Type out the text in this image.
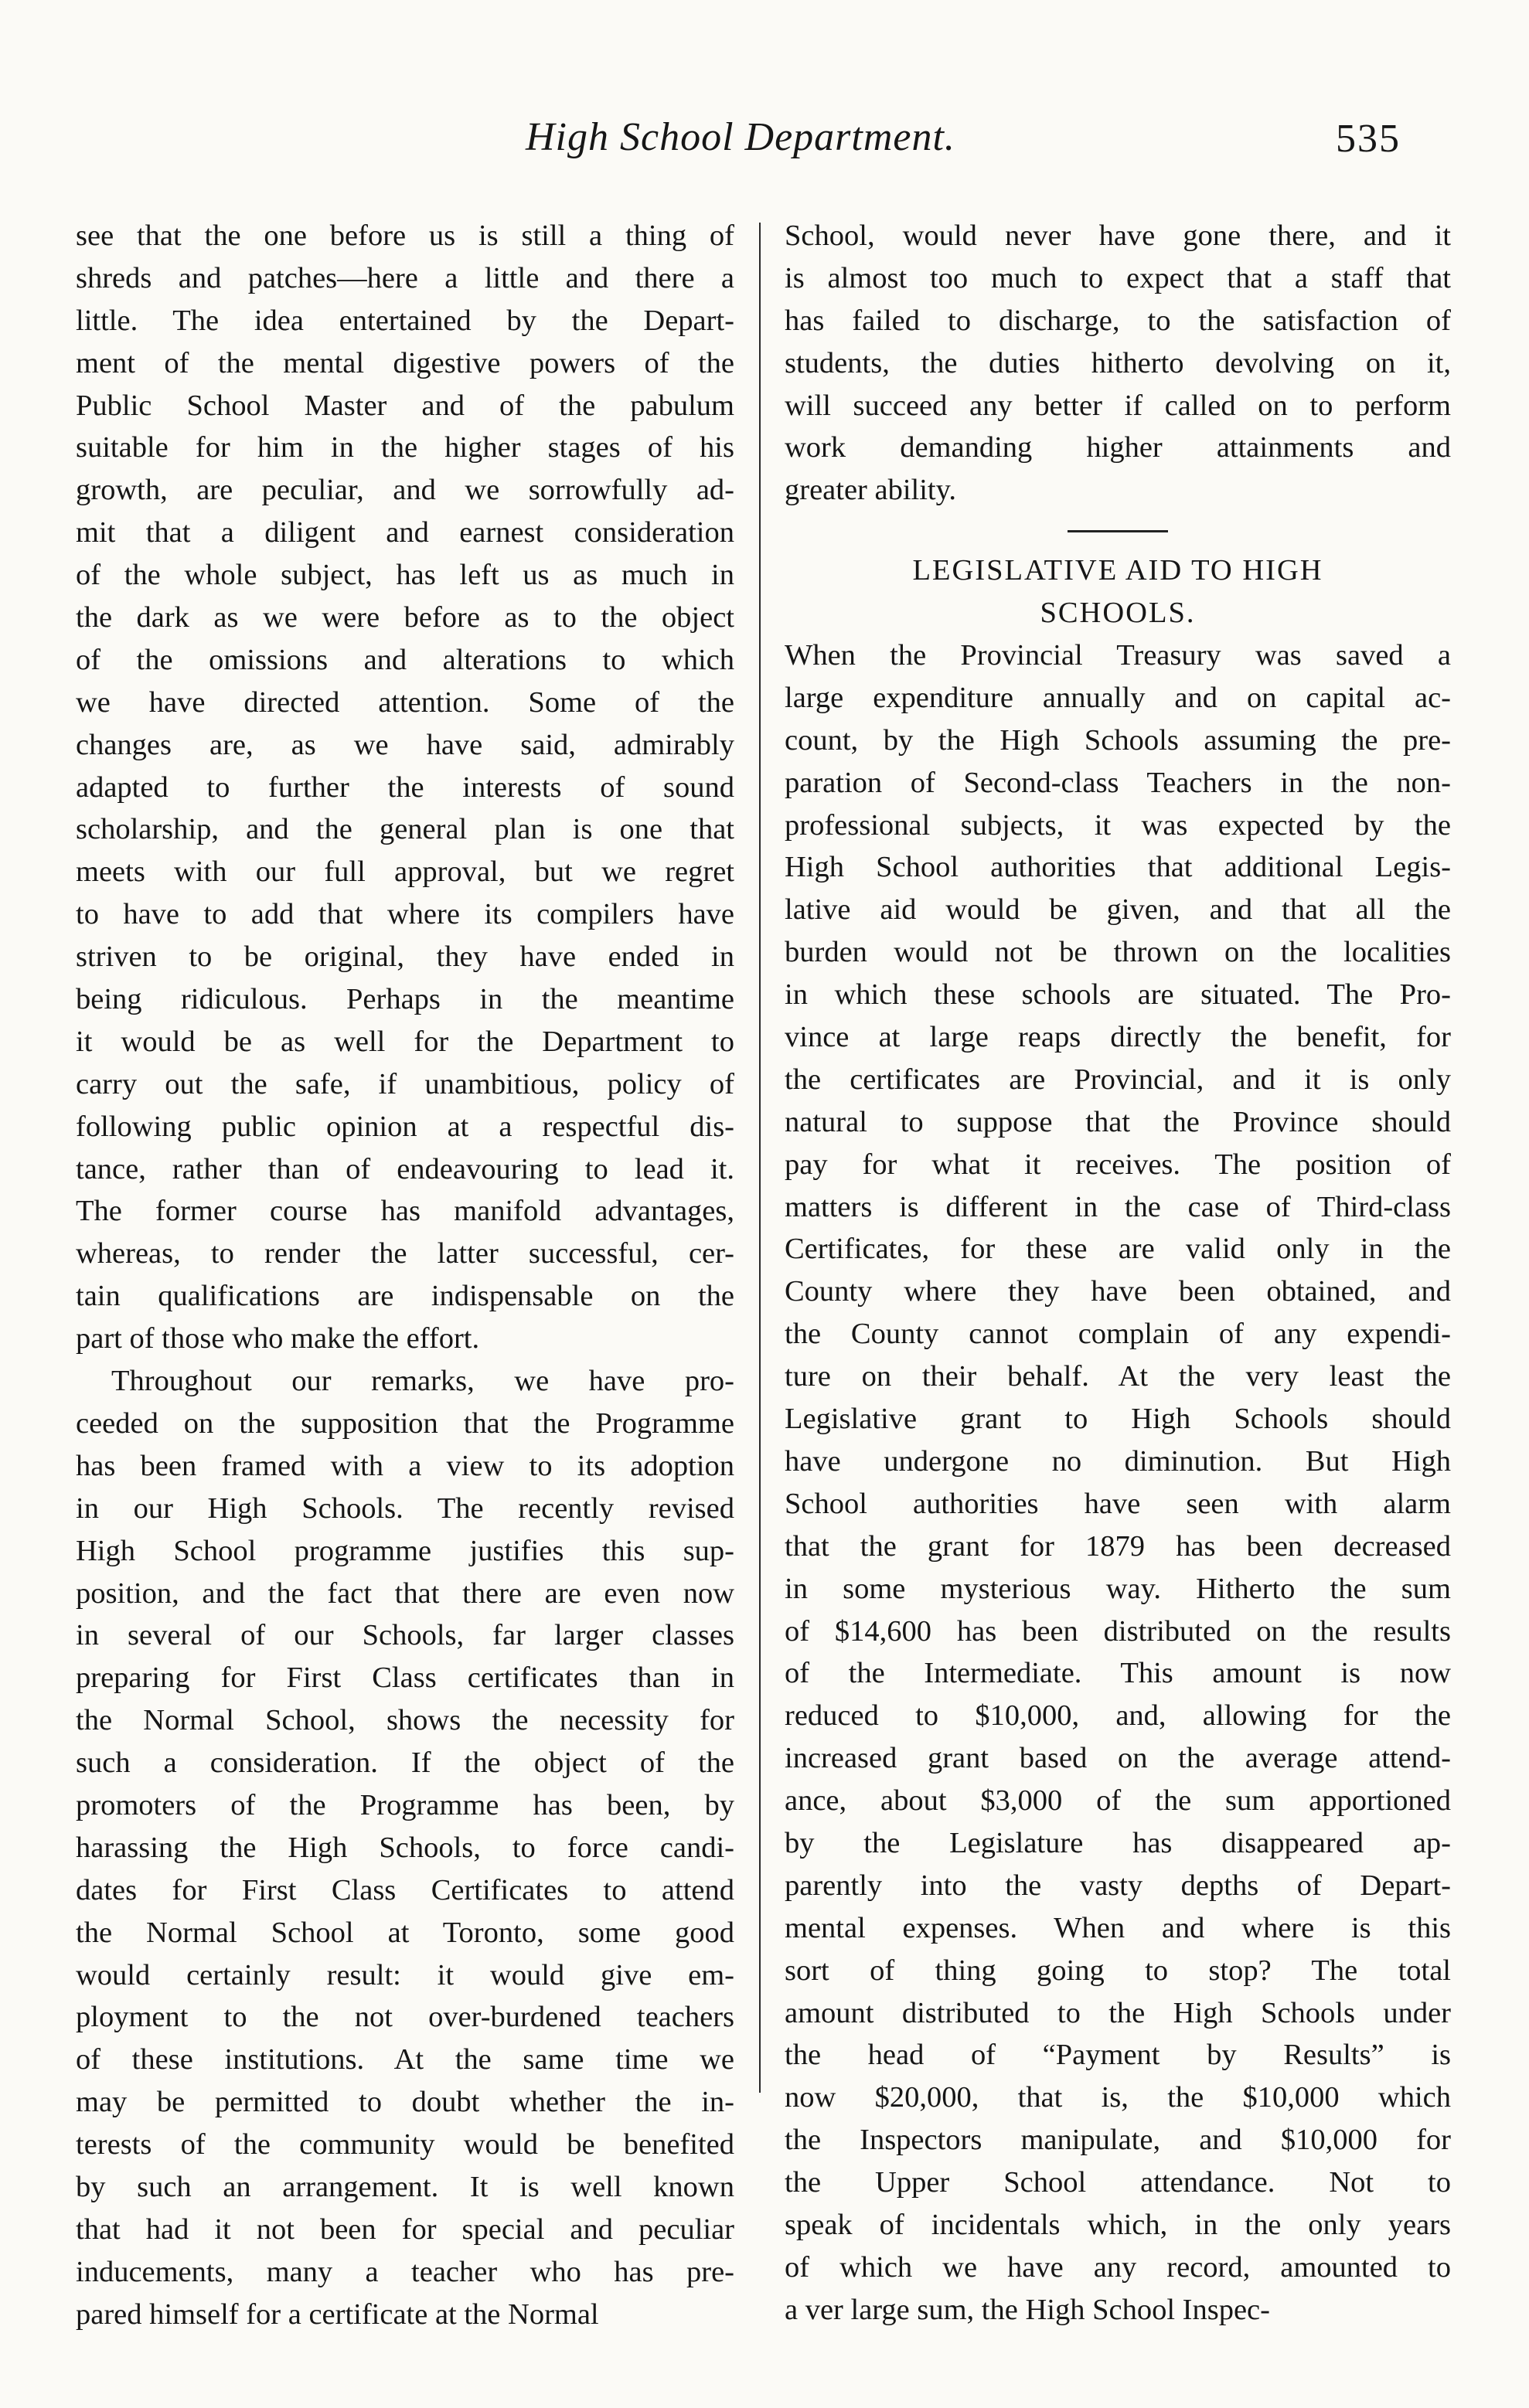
High School Department.	535
see that the one before us is still a thing of
shreds and patches—here a little and there a
little. The idea entertained by the Depart-
ment of the mental digestive powers of the
Public School Master and of the pabulum
suitable for him in the higher stages of his
growth, are peculiar, and we sorrowfully ad-
mit that a diligent and earnest consideration
of the whole subject, has left us as much in
the dark as we were before as to the object
of the omissions and alterations to which
we have directed attention. Some of the
changes are, as we have said, admirably
adapted to further the interests of sound
scholarship, and the general plan is one that
meets with our full approval, but we regret
to have to add that where its compilers have
striven to be original, they have ended in
being ridiculous. Perhaps in the meantime
it would be as well for the Department to
carry out the safe, if unambitious, policy of
following public opinion at a respectful dis-
tance, rather than of endeavouring to lead it.
The former course has manifold advantages,
whereas, to render the latter successful, cer-
tain qualifications are indispensable on the
part of those who make the effort.
Throughout our remarks, we have pro-
ceeded on the supposition that the Programme
has been framed with a view to its adoption
in our High Schools. The recently revised
High School programme justifies this sup-
position, and the fact that there are even now
in several of our Schools, far larger classes
preparing for First Class certificates than in
the Normal School, shows the necessity for
such a consideration. If the object of the
promoters of the Programme has been, by
harassing the High Schools, to force candi-
dates for First Class Certificates to attend
the Normal School at Toronto, some good
would certainly result: it would give em-
ployment to the not over-burdened teachers
of these institutions. At the same time we
may be permitted to doubt whether the in-
terests of the community would be benefited
by such an arrangement. It is well known
that had it not been for special and peculiar
inducements, many a teacher who has pre-
pared himself for a certificate at the Normal
School, would never have gone there, and it
is almost too much to expect that a staff that
has failed to discharge, to the satisfaction of
students, the duties hitherto devolving on it,
will succeed any better if called on to perform
work demanding higher attainments and
greater ability.
LEGISLATIVE AID TO HIGH
SCHOOLS.
When the Provincial Treasury was saved a
large expenditure annually and on capital ac-
count, by the High Schools assuming the pre-
paration of Second-class Teachers in the non-
professional subjects, it was expected by the
High School authorities that additional Legis-
lative aid would be given, and that all the
burden would not be thrown on the localities
in which these schools are situated. The Pro-
vince at large reaps directly the benefit, for
the certificates are Provincial, and it is only
natural to suppose that the Province should
pay for what it receives. The position of
matters is different in the case of Third-class
Certificates, for these are valid only in the
County where they have been obtained, and
the County cannot complain of any expendi-
ture on their behalf. At the very least the
Legislative grant to High Schools should
have undergone no diminution. But High
School authorities have seen with alarm
that the grant for 1879 has been decreased
in some mysterious way. Hitherto the sum
of $14,600 has been distributed on the results
of the Intermediate. This amount is now
reduced to $10,000, and, allowing for the
increased grant based on the average attend-
ance, about $3,000 of the sum apportioned
by the Legislature has disappeared ap-
parently into the vasty depths of Depart-
mental expenses. When and where is this
sort of thing going to stop? The total
amount distributed to the High Schools under
the head of “Payment by Results” is
now $20,000, that is, the $10,000 which
the Inspectors manipulate, and $10,000 for
the Upper School attendance. Not to
speak of incidentals which, in the only years
of which we have any record, amounted to
a ver large sum, the High School Inspec-
